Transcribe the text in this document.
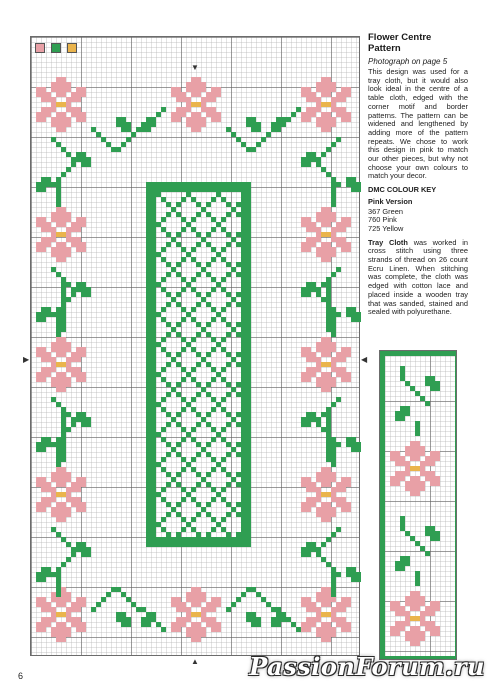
▼
▲
▶	◀
Flower Centre
Pattern
Photograph on page 5

This design was used for a tray cloth, but it would also look ideal in the centre of a table cloth, edged with the corner motif and border patterns. The pattern can be widened and lengthened by adding more of the pattern repeats. We chose to work this design in pink to match our other pieces, but why not choose your own colours to match your decor.

DMC COLOUR KEY
Pink Version
367 Green
760 Pink
725 Yellow

Tray Cloth was worked in cross stitch using three strands of thread on 26 count Ecru Linen. When stitching was complete, the cloth was edged with cotton lace and placed inside a wooden tray that was sanded, stained and sealed with polyurethane.

6	PassionForum.ru
